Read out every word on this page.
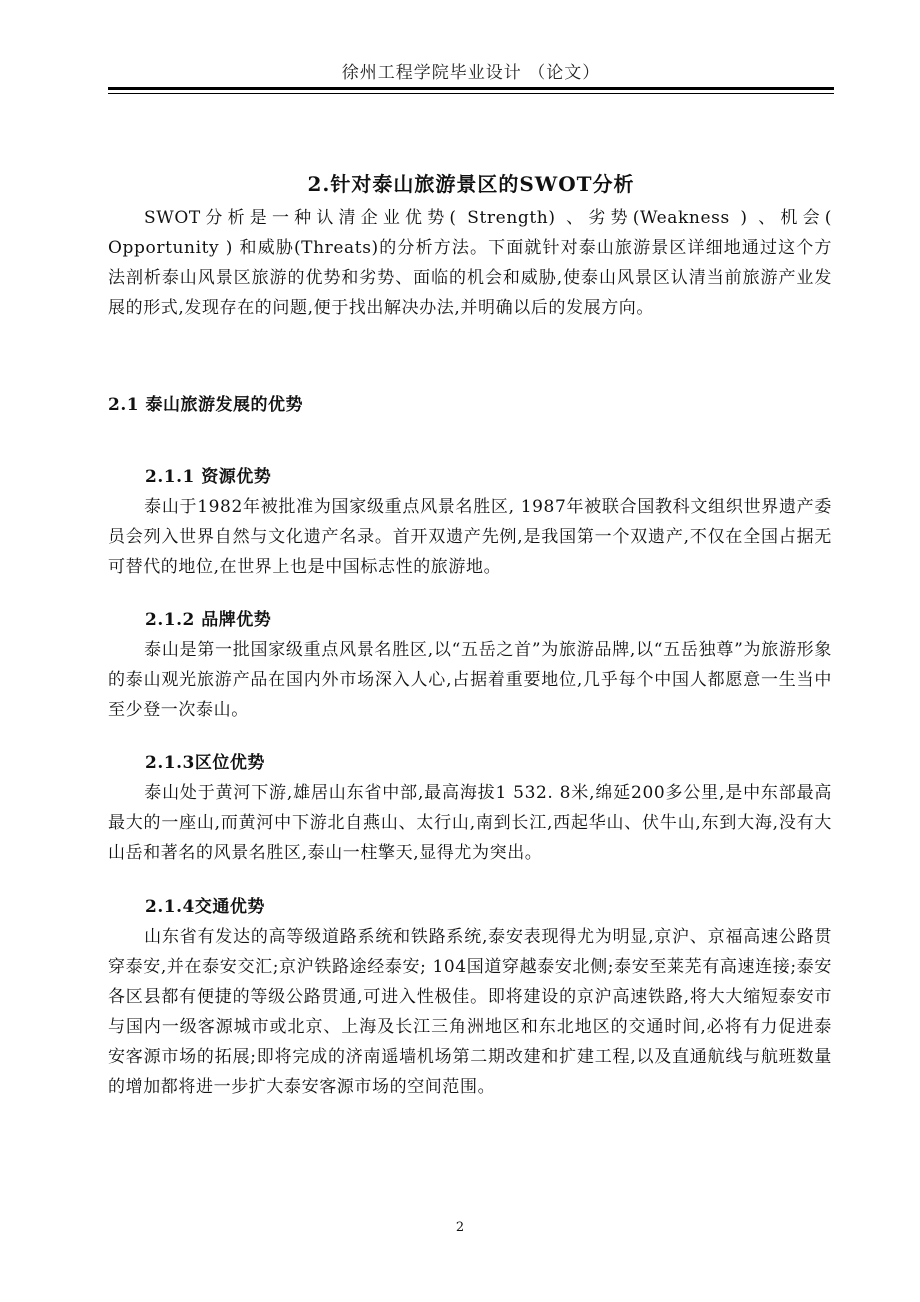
徐州工程学院毕业设计 （论文）
2.针对泰山旅游景区的SWOT分析

SWOT分析是一种认清企业优势( Strength) 、劣势(Weakness ) 、机会( Opportunity ) 和威胁(Threats)的分析方法。下面就针对泰山旅游景区详细地通过这个方法剖析泰山风景区旅游的优势和劣势、面临的机会和威胁,使泰山风景区认清当前旅游产业发展的形式,发现存在的问题,便于找出解决办法,并明确以后的发展方向。

2.1 泰山旅游发展的优势
2.1.1 资源优势

泰山于1982年被批准为国家级重点风景名胜区, 1987年被联合国教科文组织世界遗产委员会列入世界自然与文化遗产名录。首开双遗产先例,是我国第一个双遗产,不仅在全国占据无可替代的地位,在世界上也是中国标志性的旅游地。

2.1.2 品牌优势

泰山是第一批国家级重点风景名胜区,以“五岳之首”为旅游品牌,以“五岳独尊”为旅游形象的泰山观光旅游产品在国内外市场深入人心,占据着重要地位,几乎每个中国人都愿意一生当中至少登一次泰山。

2.1.3区位优势

泰山处于黄河下游,雄居山东省中部,最高海拔1 532. 8米,绵延200多公里,是中东部最高最大的一座山,而黄河中下游北自燕山、太行山,南到长江,西起华山、伏牛山,东到大海,没有大山岳和著名的风景名胜区,泰山一柱擎天,显得尤为突出。

2.1.4交通优势

山东省有发达的高等级道路系统和铁路系统,泰安表现得尤为明显,京沪、京福高速公路贯穿泰安,并在泰安交汇;京沪铁路途经泰安; 104国道穿越泰安北侧;泰安至莱芜有高速连接;泰安各区县都有便捷的等级公路贯通,可进入性极佳。即将建设的京沪高速铁路,将大大缩短泰安市与国内一级客源城市或北京、上海及长江三角洲地区和东北地区的交通时间,必将有力促进泰安客源市场的拓展;即将完成的济南遥墙机场第二期改建和扩建工程,以及直通航线与航班数量的增加都将进一步扩大泰安客源市场的空间范围。

2
